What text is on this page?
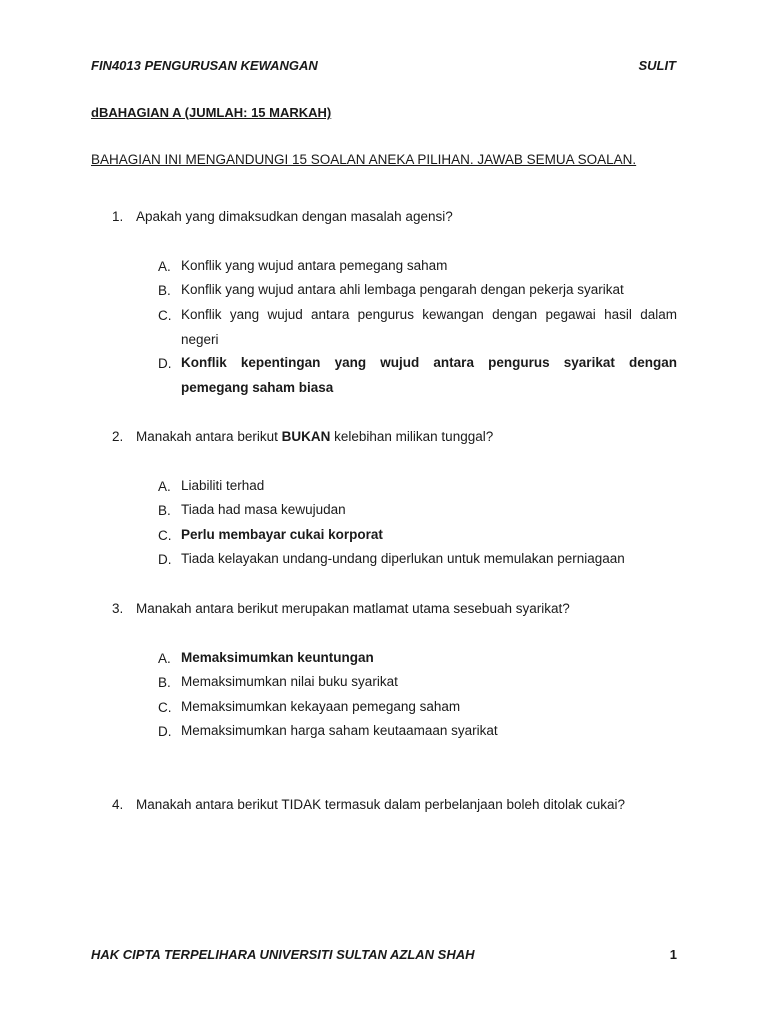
FIN4013 PENGURUSAN KEWANGAN	SULIT
dBAHAGIAN A (JUMLAH: 15 MARKAH)
BAHAGIAN INI MENGANDUNGI 15 SOALAN ANEKA PILIHAN. JAWAB SEMUA SOALAN.
1. Apakah yang dimaksudkan dengan masalah agensi?
A. Konflik yang wujud antara pemegang saham
B. Konflik yang wujud antara ahli lembaga pengarah dengan pekerja syarikat
C. Konflik yang wujud antara pengurus kewangan dengan pegawai hasil dalam
negeri
D. Konflik kepentingan yang wujud antara pengurus syarikat dengan
pemegang saham biasa
2. Manakah antara berikut BUKAN kelebihan milikan tunggal?
A. Liabiliti terhad
B. Tiada had masa kewujudan
C. Perlu membayar cukai korporat
D. Tiada kelayakan undang-undang diperlukan untuk memulakan perniagaan
3. Manakah antara berikut merupakan matlamat utama sesebuah syarikat?
A. Memaksimumkan keuntungan
B. Memaksimumkan nilai buku syarikat
C. Memaksimumkan kekayaan pemegang saham
D. Memaksimumkan harga saham keutaamaan syarikat
4. Manakah antara berikut TIDAK termasuk dalam perbelanjaan boleh ditolak cukai?
HAK CIPTA TERPELIHARA UNIVERSITI SULTAN AZLAN SHAH	1
